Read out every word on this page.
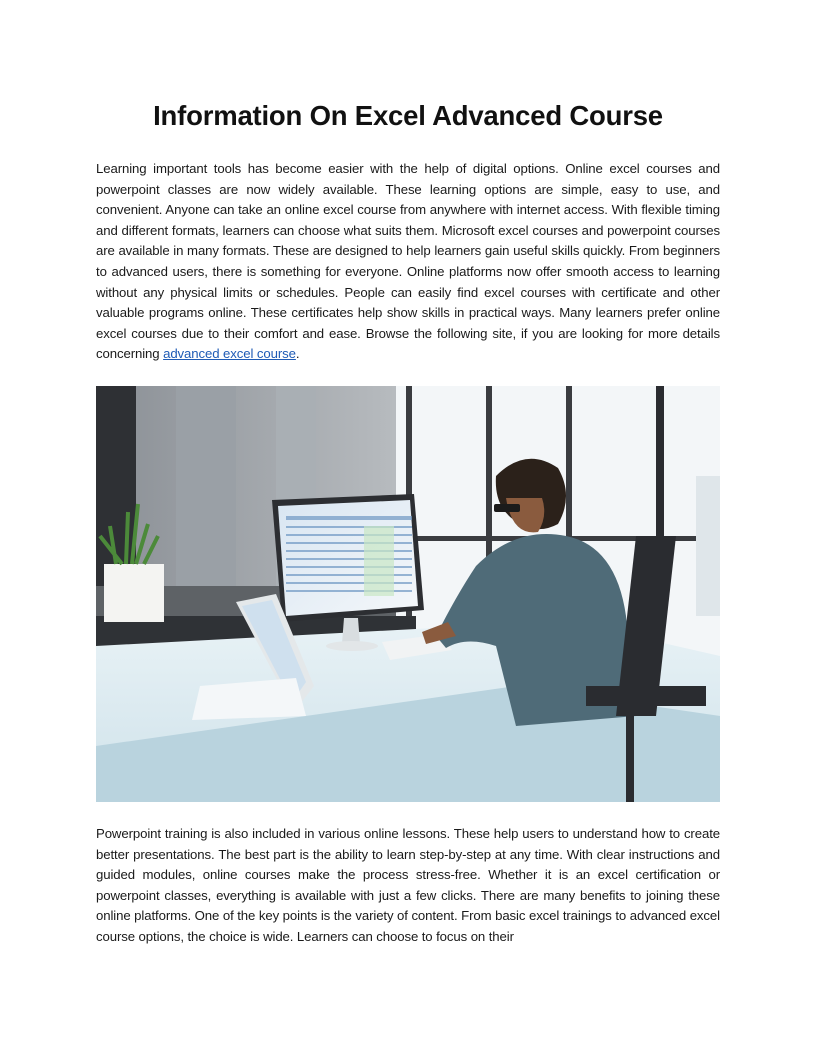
Information On Excel Advanced Course

Learning important tools has become easier with the help of digital options. Online excel courses and powerpoint classes are now widely available. These learning options are simple, easy to use, and convenient. Anyone can take an online excel course from anywhere with internet access. With flexible timing and different formats, learners can choose what suits them. Microsoft excel courses and powerpoint courses are available in many formats. These are designed to help learners gain useful skills quickly. From beginners to advanced users, there is something for everyone. Online platforms now offer smooth access to learning without any physical limits or schedules. People can easily find excel courses with certificate and other valuable programs online. These certificates help show skills in practical ways. Many learners prefer online excel courses due to their comfort and ease. Browse the following site, if you are looking for more details concerning advanced excel course.

Powerpoint training is also included in various online lessons. These help users to understand how to create better presentations. The best part is the ability to learn step-by-step at any time. With clear instructions and guided modules, online courses make the process stress-free. Whether it is an excel certification or powerpoint classes, everything is available with just a few clicks. There are many benefits to joining these online platforms. One of the key points is the variety of content. From basic excel trainings to advanced excel course options, the choice is wide. Learners can choose to focus on their
